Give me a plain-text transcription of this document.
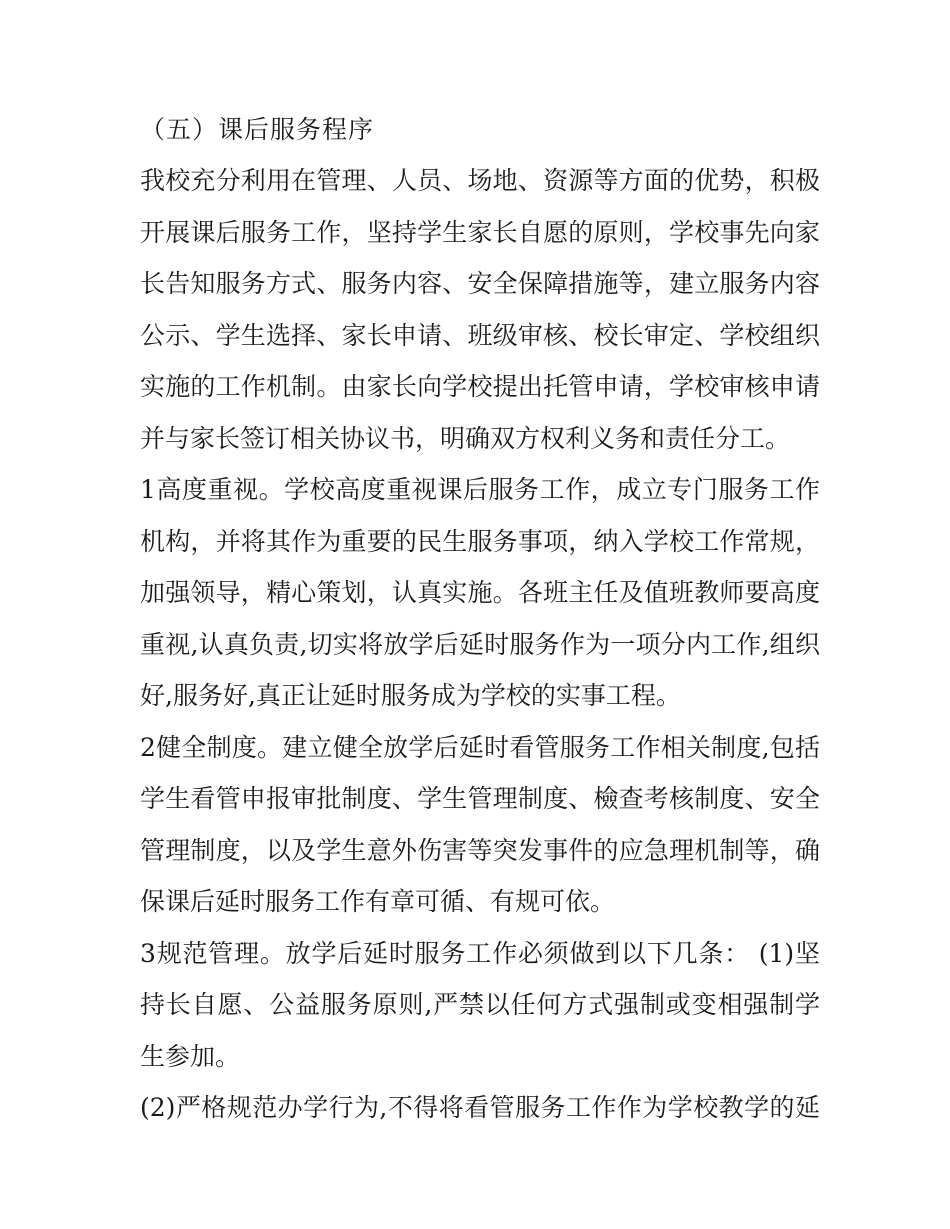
（五）课后服务程序

我校充分利用在管理、人员、场地、资源等方面的优势，积极
开展课后服务工作，坚持学生家长自愿的原则，学校事先向家
长告知服务方式、服务内容、安全保障措施等，建立服务内容
公示、学生选择、家长申请、班级审核、校长审定、学校组织
实施的工作机制。由家长向学校提出托管申请，学校审核申请
并与家长签订相关协议书，明确双方权利义务和责任分工。

1高度重视。学校高度重视课后服务工作，成立专门服务工作
机构，并将其作为重要的民生服务事项，纳入学校工作常规，
加强领导，精心策划，认真实施。各班主任及值班教师要高度
重视,认真负责,切实将放学后延时服务作为一项分内工作,组织
好,服务好,真正让延时服务成为学校的实事工程。

2健全制度。建立健全放学后延时看管服务工作相关制度,包括
学生看管申报审批制度、学生管理制度、檢查考核制度、安全
管理制度，以及学生意外伤害等突发事件的应急理机制等，确
保课后延时服务工作有章可循、有规可依。

3规范管理。放学后延时服务工作必须做到以下几条： (1)坚
持长自愿、公益服务原则,严禁以任何方式强制或变相强制学
生参加。

(2)严格规范办学行为,不得将看管服务工作作为学校教学的延
